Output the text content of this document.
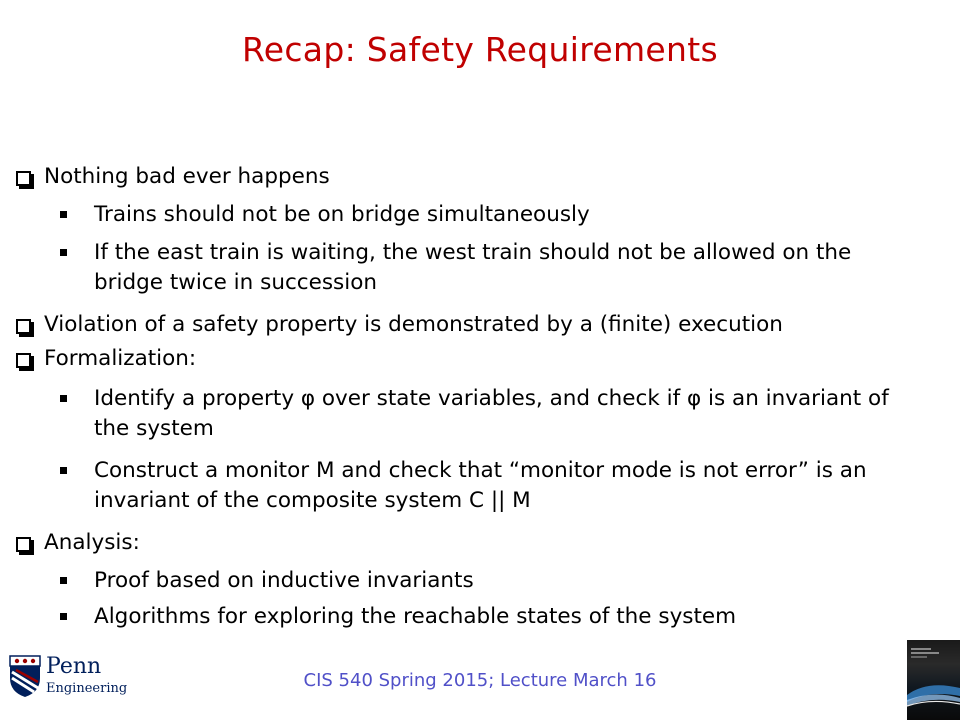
Recap: Safety Requirements
Nothing bad ever happens
Trains should not be on bridge simultaneously
If the east train is waiting, the west train should not be allowed on the bridge twice in succession
Violation of a safety property is demonstrated by a (finite) execution
Formalization:
Identify a property φ over state variables, and check if φ is an invariant of the system
Construct a monitor M and check that “monitor mode is not error” is an invariant of the composite system C || M
Analysis:
Proof based on inductive invariants
Algorithms for exploring the reachable states of the system
Penn
Engineering	CIS 540 Spring 2015; Lecture March 16
